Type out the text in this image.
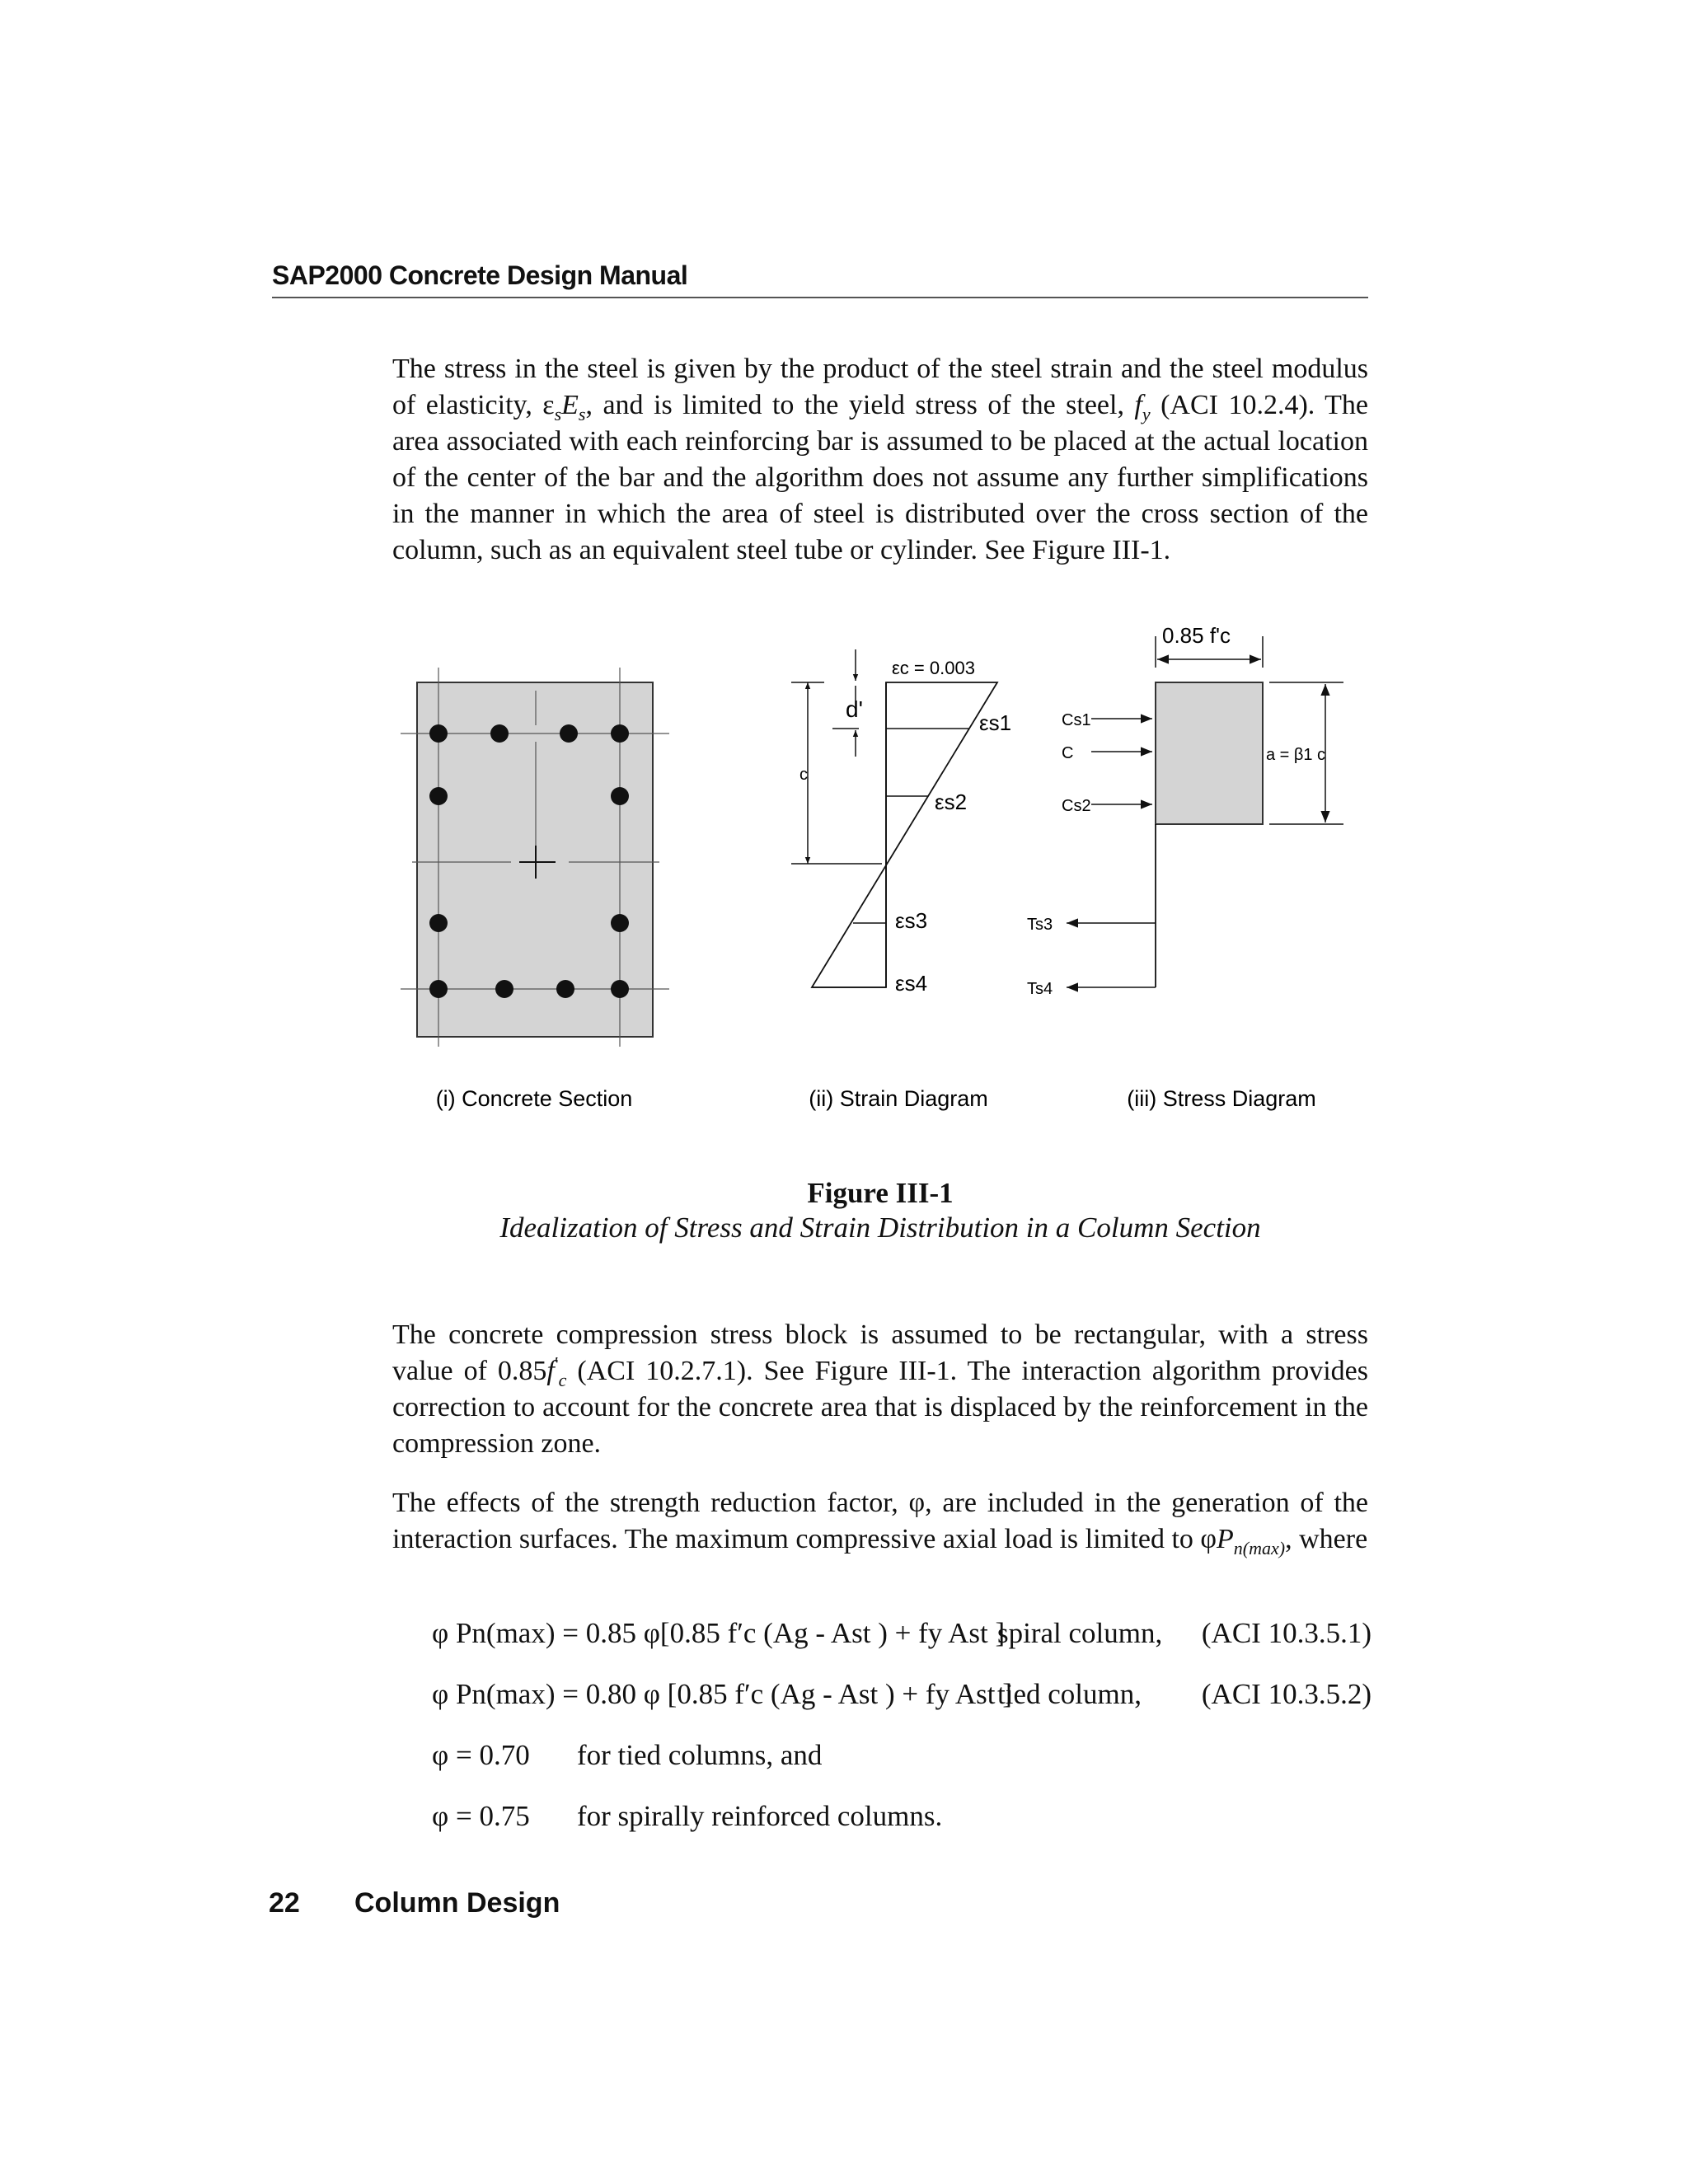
SAP2000 Concrete Design Manual

The stress in the steel is given by the product of the steel strain and the steel modulus of elasticity, $\varepsilon_sE_s$, and is limited to the yield stress of the steel, $f_y$ (ACI 10.2.4). The area associated with each reinforcing bar is assumed to be placed at the actual location of the center of the bar and the algorithm does not assume any further simplifications in the manner in which the area of steel is distributed over the cross section of the column, such as an equivalent steel tube or cylinder. See Figure III-1.

εc = 0.003
d'
c
εs1
εs2
εs3
εs4
0.85 f'c
Cs1
C
Cs2
Ts3
Ts4
a = β1 c
(i) Concrete Section	(ii) Strain Diagram	(iii) Stress Diagram
Figure III-1
Idealization of Stress and Strain Distribution in a Column Section

The concrete compression stress block is assumed to be rectangular, with a stress value of $0.85f'_c$ (ACI 10.2.7.1). See Figure III-1. The interaction algorithm provides correction to account for the concrete area that is displaced by the reinforcement in the compression zone.

The effects of the strength reduction factor, φ, are included in the generation of the interaction surfaces. The maximum compressive axial load is limited to $\varphi P_{n(max)}$, where

φ Pn(max) = 0.85 φ[0.85 f′c (Ag - Ast ) + fy Ast ]
spiral column, (ACI 10.3.5.1)
φ Pn(max) = 0.80 φ [0.85 f′c (Ag - Ast ) + fy Ast ]
tied column, (ACI 10.3.5.2)
φ = 0.70 for tied columns, and
φ = 0.75 for spirally reinforced columns.
22 Column Design
